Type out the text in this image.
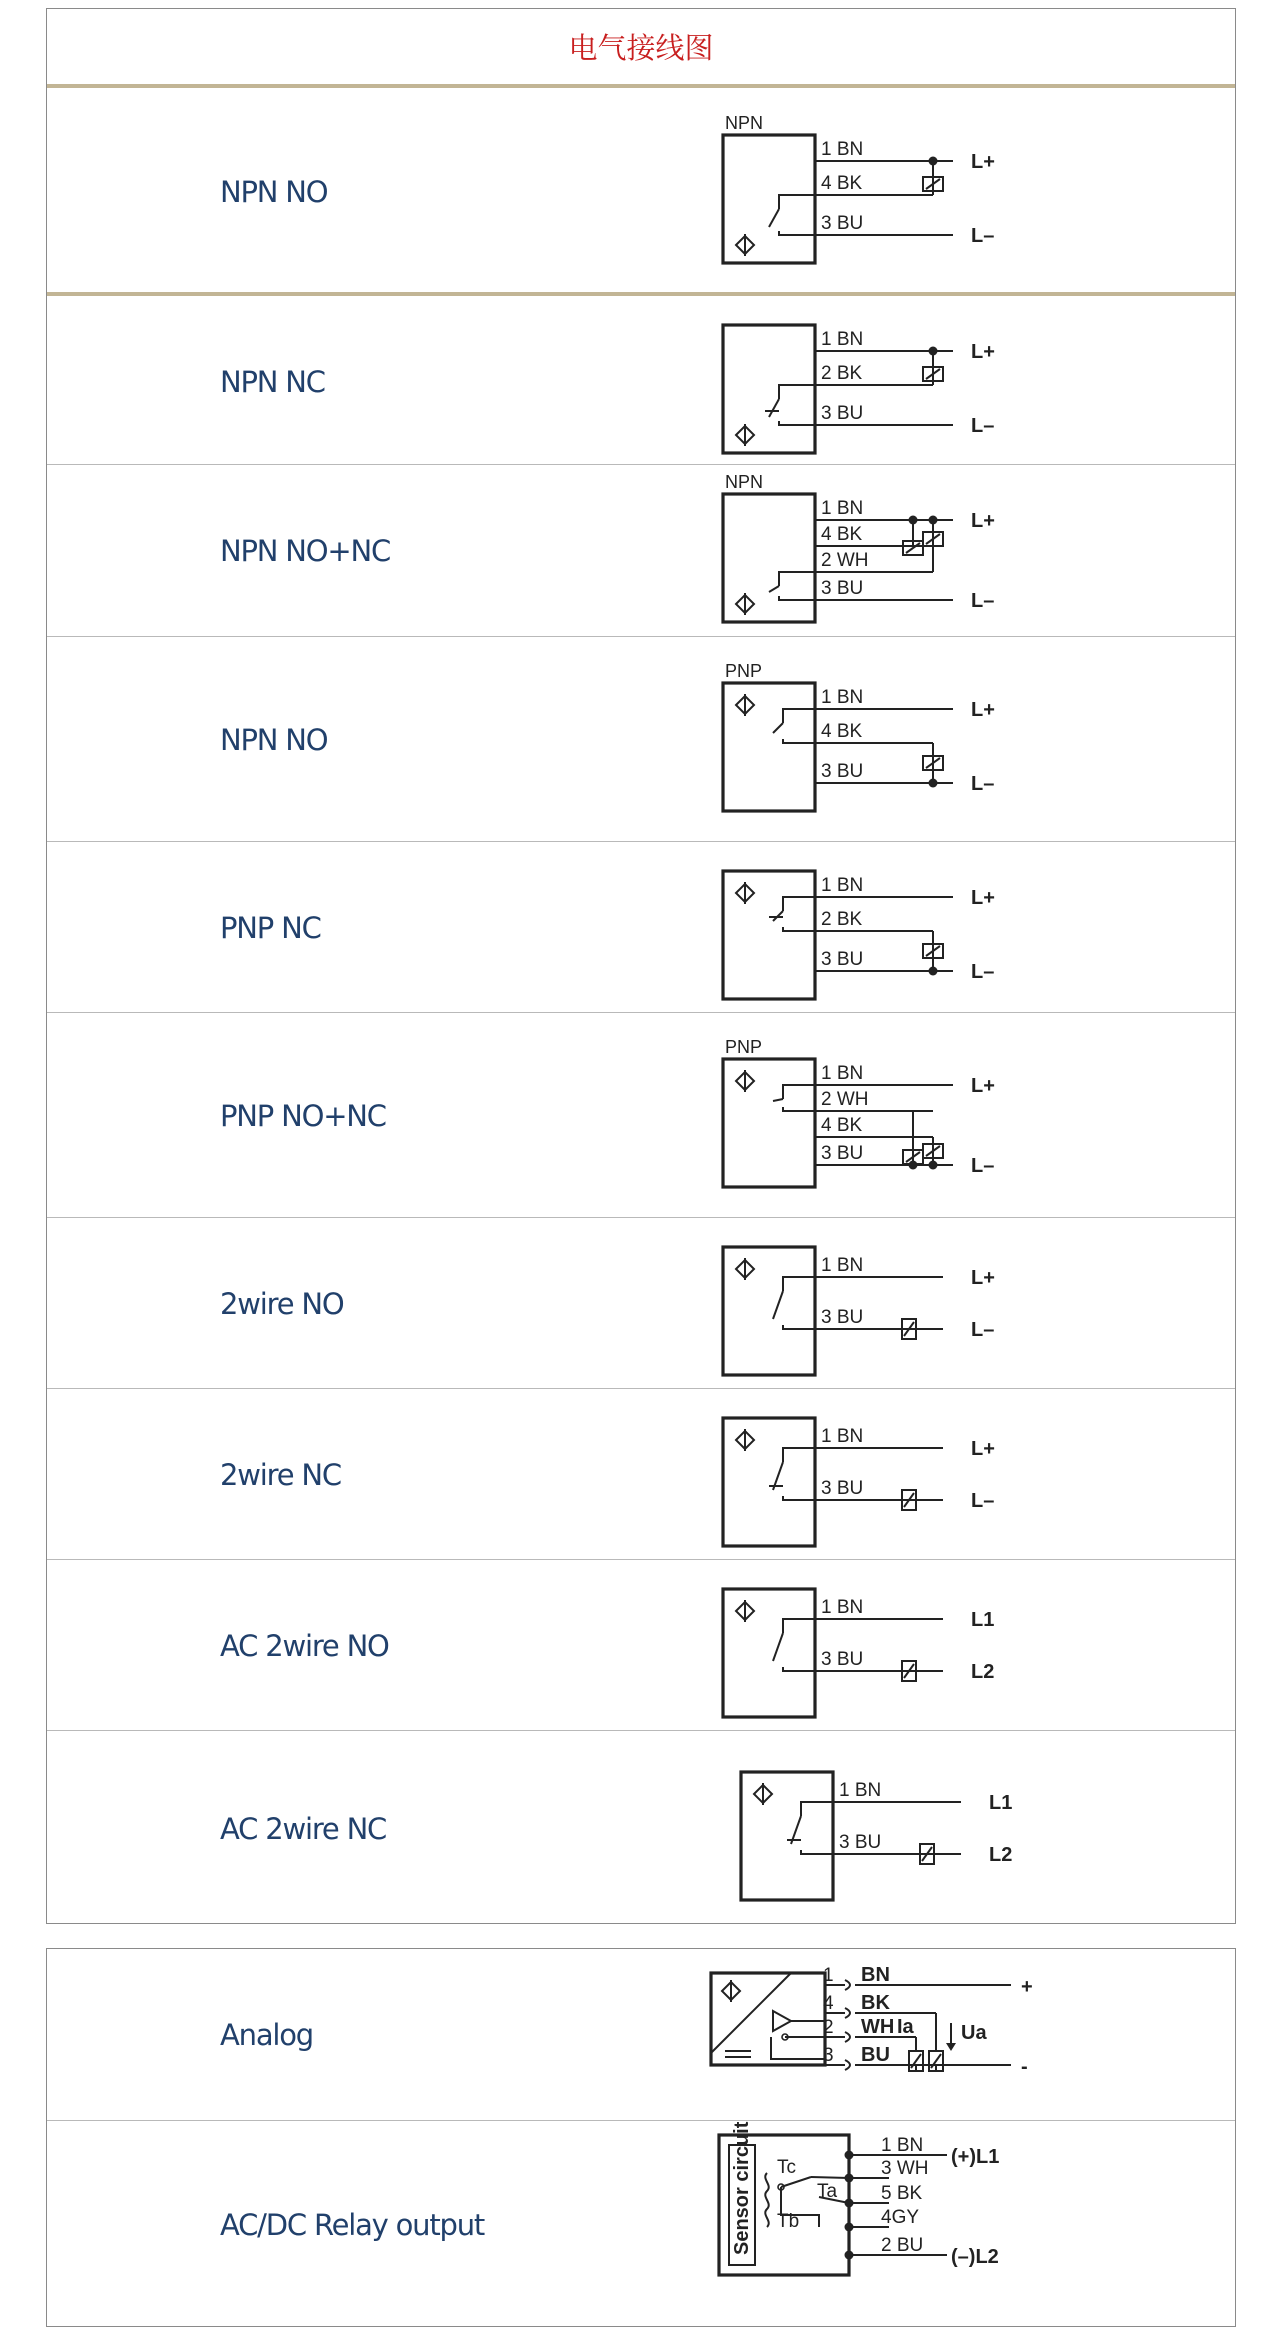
电气接线图
NPN NO
NPN
1 BN
4 BK
3 BU
L+
L–
NPN NC
1 BN
2 BK
3 BU
L+
L–
NPN NO+NC
NPN
1 BN
4 BK
2 WH
3 BU
L+
L–
NPN NO
PNP
1 BN
4 BK
3 BU
L+
L–
PNP NC
1 BN
2 BK
3 BU
L+
L–
PNP NO+NC
PNP
1 BN
2 WH
4 BK
3 BU
L+
L–
2wire NO
1 BN
3 BU
L+
L–
2wire NC
1 BN
3 BU
L+
L–
AC 2wire NO
1 BN
3 BU
L1
L2
AC 2wire NC
1 BN
3 BU
L1
L2
Analog
1
4
2
3
BN
BK
WH
BU
Ia Ua
+
-
AC/DC Relay output	Sensor circuit Tc
Ta
Tb
1 BN
3 WH
5 BK
4GY
2 BU
(+)L1
(–)L2
